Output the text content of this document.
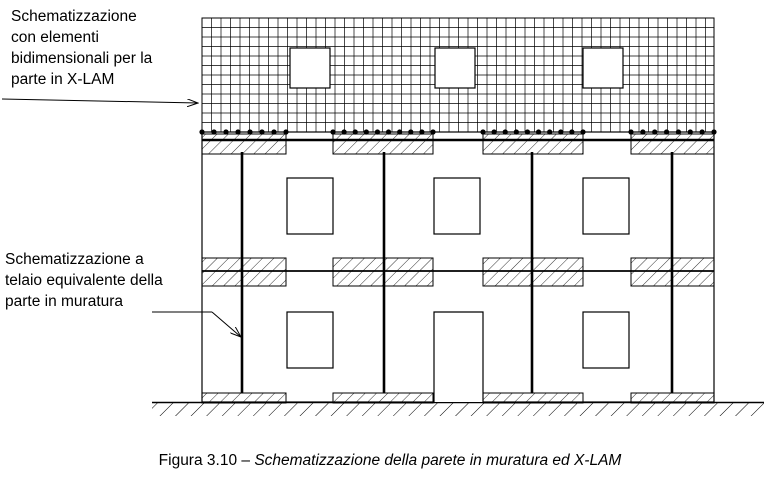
Schematizzazione
con elementi
bidimensionali per la
parte in X-LAM
Schematizzazione a
telaio equivalente della
parte in muratura
Figura 3.10 – Schematizzazione della parete in muratura ed X-LAM
